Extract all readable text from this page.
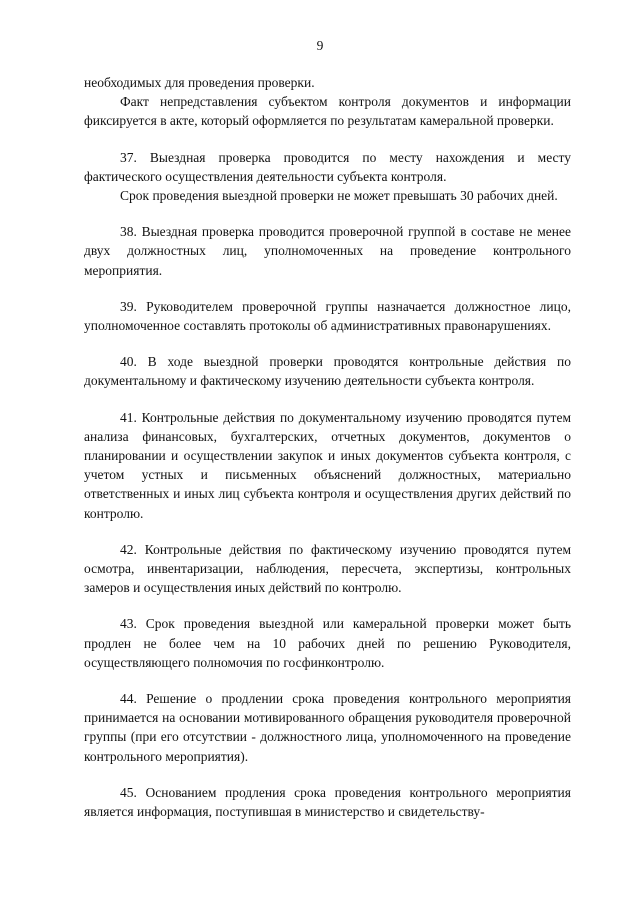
9

необходимых для проведения проверки.

Факт непредставления субъектом контроля документов и информации фиксируется в акте, который оформляется по результатам камеральной проверки.

37. Выездная проверка проводится по месту нахождения и месту фактического осуществления деятельности субъекта контроля.

Срок проведения выездной проверки не может превышать 30 рабочих дней.

38. Выездная проверка проводится проверочной группой в составе не менее двух должностных лиц, уполномоченных на проведение контрольного мероприятия.

39. Руководителем проверочной группы назначается должностное лицо, уполномоченное составлять протоколы об административных правонарушениях.

40. В ходе выездной проверки проводятся контрольные действия по документальному и фактическому изучению деятельности субъекта контроля.

41. Контрольные действия по документальному изучению проводятся путем анализа финансовых, бухгалтерских, отчетных документов, документов о планировании и осуществлении закупок и иных документов субъекта контроля, с учетом устных и письменных объяснений должностных, материально ответственных и иных лиц субъекта контроля и осуществления других действий по контролю.

42. Контрольные действия по фактическому изучению проводятся путем осмотра, инвентаризации, наблюдения, пересчета, экспертизы, контрольных замеров и осуществления иных действий по контролю.

43. Срок проведения выездной или камеральной проверки может быть продлен не более чем на 10 рабочих дней по решению Руководителя, осуществляющего полномочия по госфинконтролю.

44. Решение о продлении срока проведения контрольного мероприятия принимается на основании мотивированного обращения руководителя проверочной группы (при его отсутствии - должностного лица, уполномоченного на проведение контрольного мероприятия).

45. Основанием продления срока проведения контрольного мероприятия является информация, поступившая в министерство и свидетельству-
